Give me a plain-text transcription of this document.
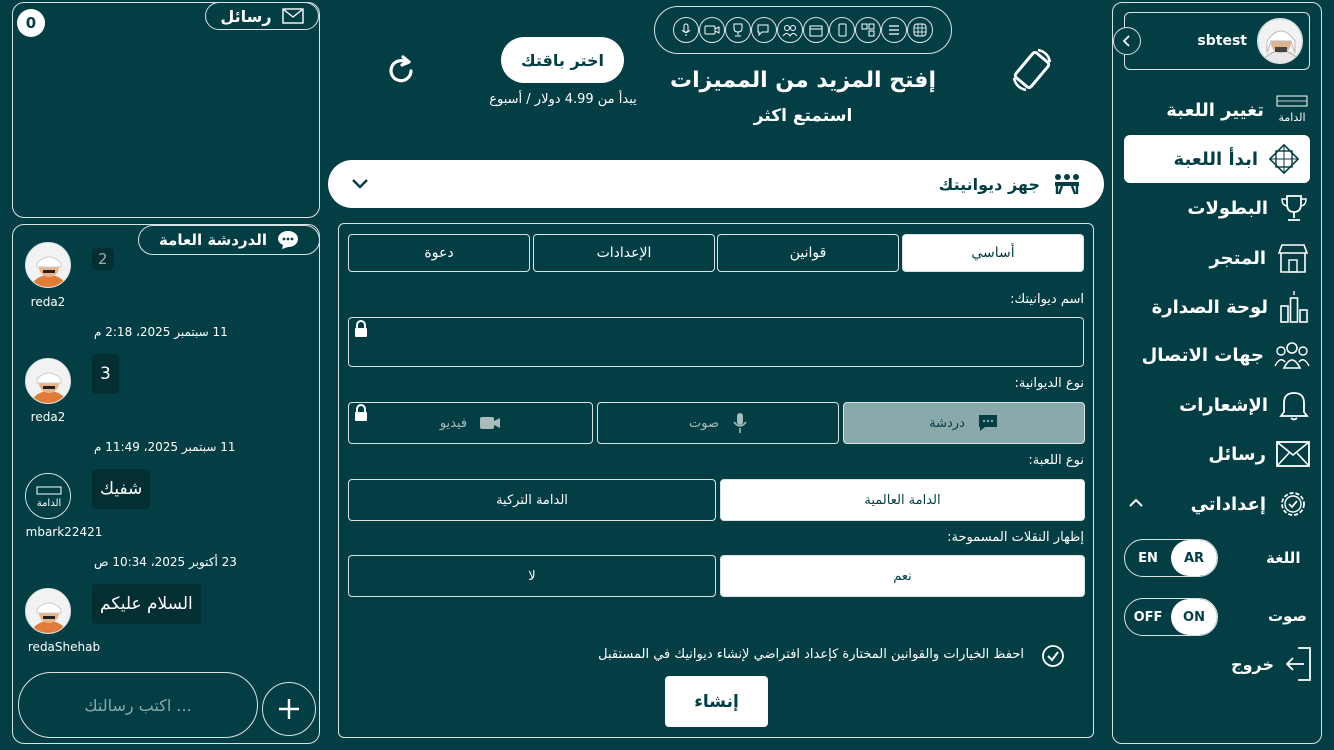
رسائل
0
الدردشة العامة
2
reda2
11 سبتمبر 2025، 2:18 م
3
reda2
11 سبتمبر 2025، 11:49 م
الدامة
شفيك
mbark22421
23 أكتوبر 2025، 10:34 ص
السلام عليكم
redaShehab
اكتب رسالتك ...
إفتح المزيد من المميزات
استمتع اكثر
اختر باقتك
يبدأ من 4.99 دولار / أسبوع
جهز ديوانيتك
أساسي
قوانين
الإعدادات
دعوة
اسم ديوانيتك:
نوع الديوانية:
دردشة
صوت
فيديو
نوع اللعبة:
الدامة العالمية
الدامة التركية
إظهار النقلات المسموحة:
نعم
لا
احفظ الخيارات والقوانين المختارة كإعداد افتراضي لإنشاء ديوانيك في المستقبل
إنشاء
sbtest
الدامة
تغيير اللعبة
ابدأ اللعبة
البطولات
المتجر
لوحة الصدارة
جهات الاتصال
الإشعارات
رسائل
إعداداتي
اللغة
EN	AR
صوت
OFF	ON
خروج
